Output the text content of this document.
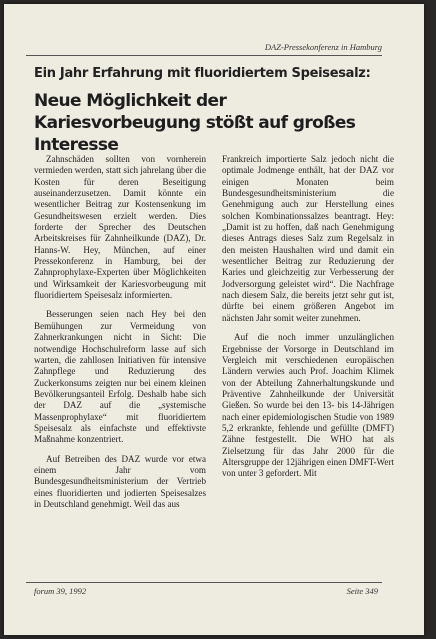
DAZ-Pressekonferenz in Hamburg
Ein Jahr Erfahrung mit fluoridiertem Speisesalz:
Neue Möglichkeit der Kariesvorbeugung stößt auf großes Interesse

Zahnschäden sollten von vornherein vermieden werden, statt sich jahrelang über die Kosten für deren Beseitigung auseinanderzusetzen. Damit könnte ein wesentlicher Beitrag zur Kostensenkung im Gesundheitswesen erzielt werden. Dies forderte der Sprecher des Deutschen Arbeitskreises für Zahnheilkunde (DAZ), Dr. Hanns-W. Hey, München, auf einer Pressekonferenz in Hamburg, bei der Zahnprophylaxe-Experten über Möglichkeiten und Wirksamkeit der Kariesvorbeugung mit fluoridiertem Speisesalz informierten.

Besserungen seien nach Hey bei den Bemühungen zur Vermeidung von Zahnerkrankungen nicht in Sicht: Die notwendige Hochschulreform lasse auf sich warten, die zahllosen Initiativen für intensive Zahnpflege und Reduzierung des Zuckerkonsums zeigten nur bei einem kleinen Bevölkerungsanteil Erfolg. Deshalb habe sich der DAZ auf die „systemische Massenprophylaxe“ mit fluoridiertem Speisesalz als einfachste und effektivste Maßnahme konzentriert.

Auf Betreiben des DAZ wurde vor etwa einem Jahr vom Bundesgesundheitsministerium der Vertrieb eines fluoridierten und jodierten Speisesalzes in Deutschland genehmigt. Weil das aus

Frankreich importierte Salz jedoch nicht die optimale Jodmenge enthält, hat der DAZ vor einigen Monaten beim Bundesgesundheitsministerium die Genehmigung auch zur Herstellung eines solchen Kombinationssalzes beantragt. Hey: „Damit ist zu hoffen, daß nach Genehmigung dieses Antrags dieses Salz zum Regelsalz in den meisten Haushalten wird und damit ein wesentlicher Beitrag zur Reduzierung der Karies und gleichzeitig zur Verbesserung der Jodversorgung geleistet wird“. Die Nachfrage nach diesem Salz, die bereits jetzt sehr gut ist, dürfte bei einem größeren Angebot im nächsten Jahr somit weiter zunehmen.

Auf die noch immer unzulänglichen Ergebnisse der Vorsorge in Deutschland im Vergleich mit verschiedenen europäischen Ländern verwies auch Prof. Joachim Klimek von der Abteilung Zahnerhaltungskunde und Präventive Zahnheilkunde der Universität Gießen. So wurde bei den 13- bis 14-Jährigen nach einer epidemiologischen Studie von 1989 5,2 erkrankte, fehlende und gefüllte (DMFT) Zähne festgestellt. Die WHO hat als Zielsetzung für das Jahr 2000 für die Altersgruppe der 12jährigen einen DMFT-Wert von unter 3 gefordert. Mit

forum 39, 1992	Seite 349
